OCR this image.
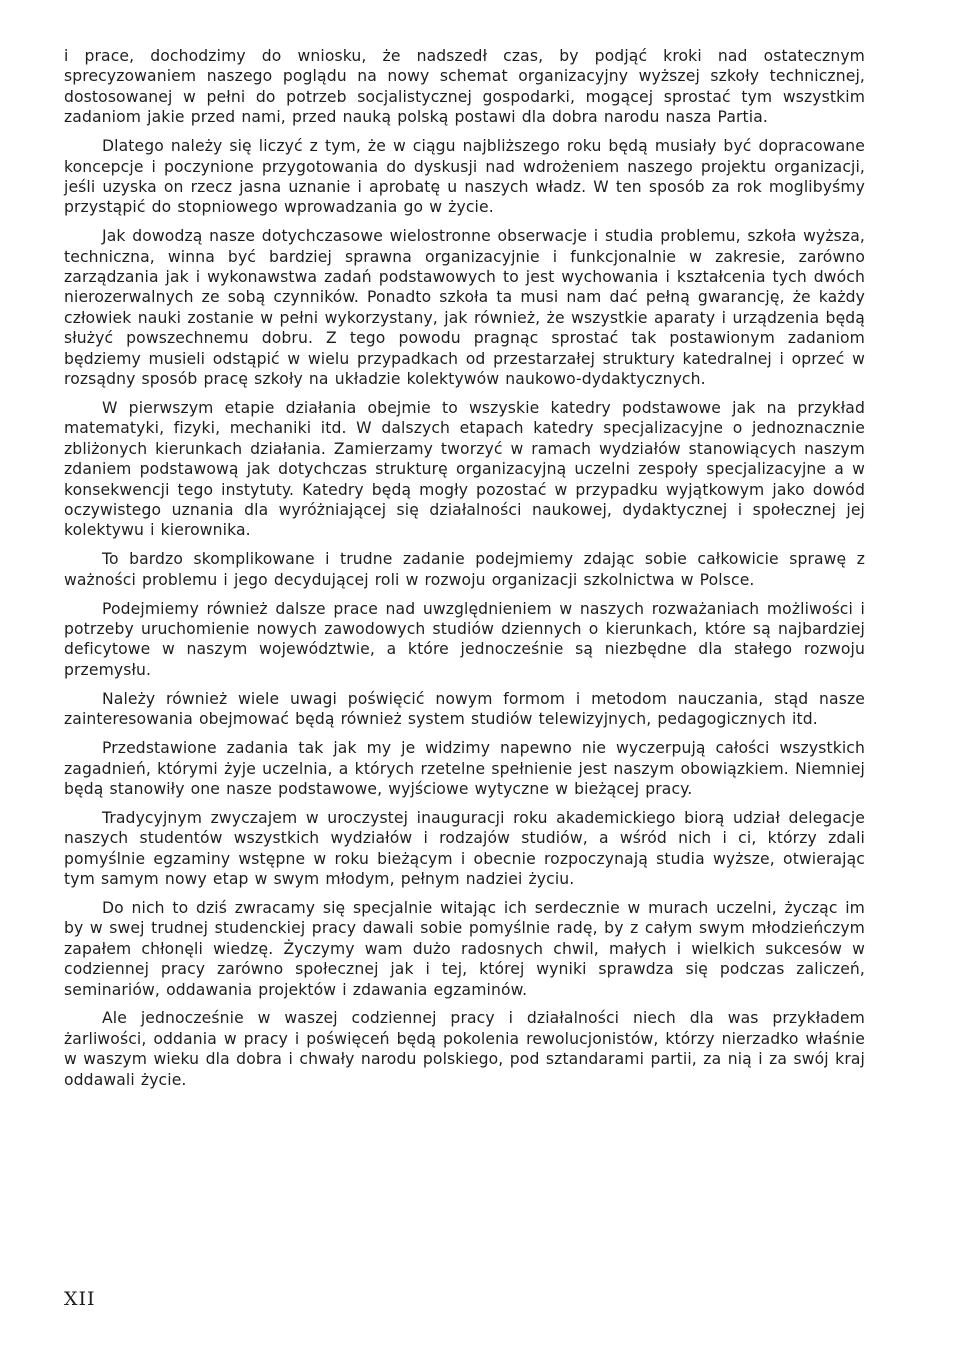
i prace, dochodzimy do wniosku, że nadszedł czas, by podjąć kroki nad ostatecznym sprecyzowaniem naszego poglądu na nowy schemat organizacyjny wyższej szkoły technicznej, dostosowanej w pełni do potrzeb socjalistycznej gospodarki, mogącej sprostać tym wszystkim zadaniom jakie przed nami, przed nauką polską postawi dla dobra narodu nasza Partia.

Dlatego należy się liczyć z tym, że w ciągu najbliższego roku będą musiały być dopracowane koncepcje i poczynione przygotowania do dyskusji nad wdrożeniem naszego projektu organizacji, jeśli uzyska on rzecz jasna uznanie i aprobatę u naszych władz. W ten sposób za rok moglibyśmy przystąpić do stopniowego wprowadzania go w życie.

Jak dowodzą nasze dotychczasowe wielostronne obserwacje i studia problemu, szkoła wyższa, techniczna, winna być bardziej sprawna organizacyjnie i funkcjonalnie w zakresie, zarówno zarządzania jak i wykonawstwa zadań podstawowych to jest wychowania i kształcenia tych dwóch nierozerwalnych ze sobą czynników. Ponadto szkoła ta musi nam dać pełną gwarancję, że każdy człowiek nauki zostanie w pełni wykorzystany, jak również, że wszystkie aparaty i urządzenia będą służyć powszechnemu dobru. Z tego powodu pragnąc sprostać tak postawionym zadaniom będziemy musieli odstąpić w wielu przypadkach od przestarzałej struktury katedralnej i oprzeć w rozsądny sposób pracę szkoły na układzie kolektywów naukowo-dydaktycznych.

W pierwszym etapie działania obejmie to wszyskie katedry podstawowe jak na przykład matematyki, fizyki, mechaniki itd. W dalszych etapach katedry specjalizacyjne o jednoznacznie zbliżonych kierunkach działania. Zamierzamy tworzyć w ramach wydziałów stanowiących naszym zdaniem podstawową jak dotychczas strukturę organizacyjną uczelni zespoły specjalizacyjne a w konsekwencji tego instytuty. Katedry będą mogły pozostać w przypadku wyjątkowym jako dowód oczywistego uznania dla wyróżniającej się działalności naukowej, dydaktycznej i społecznej jej kolektywu i kierownika.

To bardzo skomplikowane i trudne zadanie podejmiemy zdając sobie całkowicie sprawę z ważności problemu i jego decydującej roli w rozwoju organizacji szkolnictwa w Polsce.

Podejmiemy również dalsze prace nad uwzględnieniem w naszych rozważaniach możliwości i potrzeby uruchomienie nowych zawodowych studiów dziennych o kierunkach, które są najbardziej deficytowe w naszym województwie, a które jednocześnie są niezbędne dla stałego rozwoju przemysłu.

Należy również wiele uwagi poświęcić nowym formom i metodom nauczania, stąd nasze zainteresowania obejmować będą również system studiów telewizyjnych, pedagogicznych itd.

Przedstawione zadania tak jak my je widzimy napewno nie wyczerpują całości wszystkich zagadnień, którymi żyje uczelnia, a których rzetelne spełnienie jest naszym obowiązkiem. Niemniej będą stanowiły one nasze podstawowe, wyjściowe wytyczne w bieżącej pracy.

Tradycyjnym zwyczajem w uroczystej inauguracji roku akademickiego biorą udział delegacje naszych studentów wszystkich wydziałów i rodzajów studiów, a wśród nich i ci, którzy zdali pomyślnie egzaminy wstępne w roku bieżącym i obecnie rozpoczynają studia wyższe, otwierając tym samym nowy etap w swym młodym, pełnym nadziei życiu.

Do nich to dziś zwracamy się specjalnie witając ich serdecznie w murach uczelni, życząc im by w swej trudnej studenckiej pracy dawali sobie pomyślnie radę, by z całym swym młodzieńczym zapałem chłonęli wiedzę. Życzymy wam dużo radosnych chwil, małych i wielkich sukcesów w codziennej pracy zarówno społecznej jak i tej, której wyniki sprawdza się podczas zaliczeń, seminariów, oddawania projektów i zdawania egzaminów.

Ale jednocześnie w waszej codziennej pracy i działalności niech dla was przykładem żarliwości, oddania w pracy i poświęceń będą pokolenia rewolucjonistów, którzy nierzadko właśnie w waszym wieku dla dobra i chwały narodu polskiego, pod sztandarami partii, za nią i za swój kraj oddawali życie.

XII
